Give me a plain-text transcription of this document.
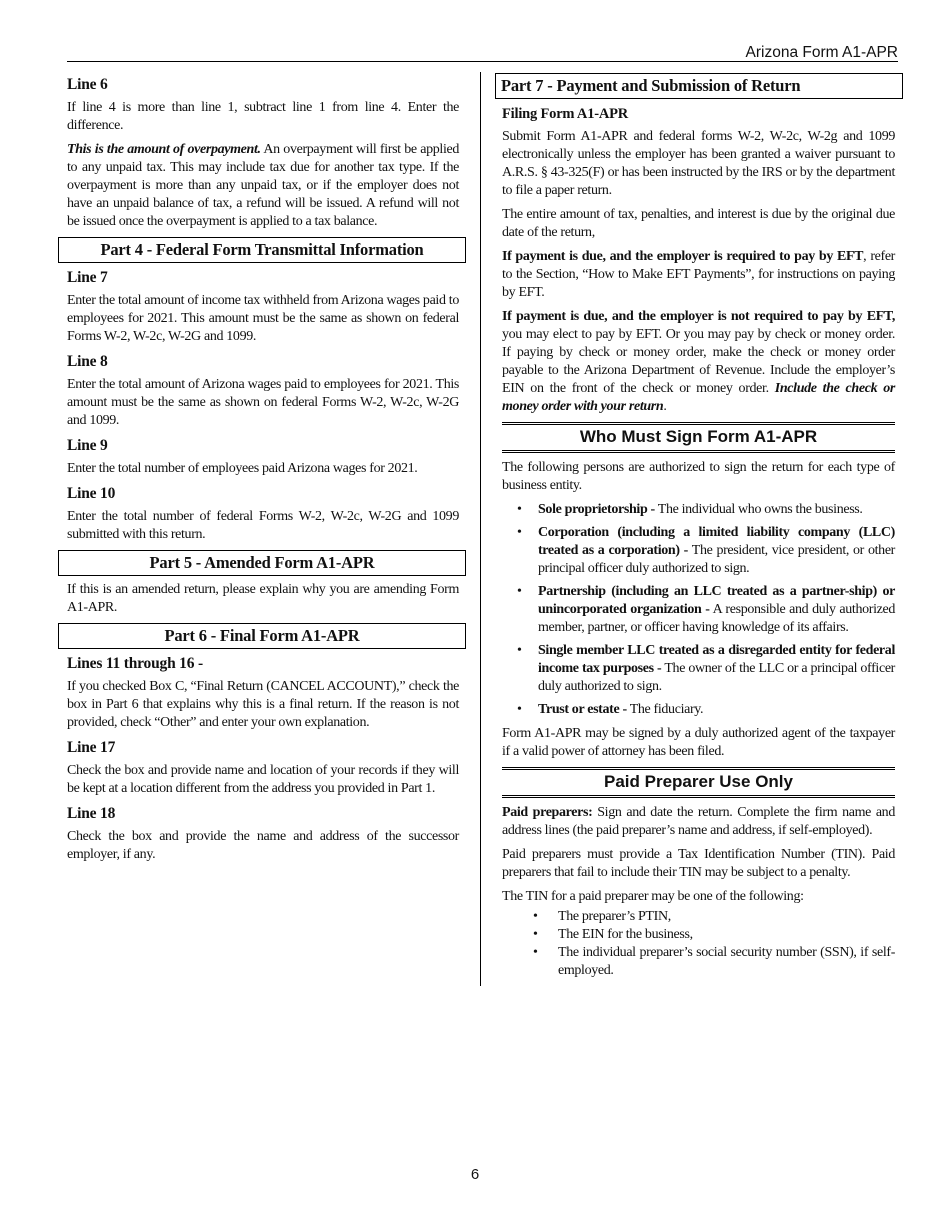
Arizona Form A1-APR
Line 6

If line 4 is more than line 1, subtract line 1 from line 4. Enter the difference.

This is the amount of overpayment. An overpayment will first be applied to any unpaid tax. This may include tax due for another tax type. If the overpayment is more than any unpaid tax, or if the employer does not have an unpaid balance of tax, a refund will be issued. A refund will not be issued once the overpayment is applied to a tax balance.

Part 4 - Federal Form Transmittal Information
Line 7

Enter the total amount of income tax withheld from Arizona wages paid to employees for 2021. This amount must be the same as shown on federal Forms W-2, W-2c, W-2G and 1099.

Line 8

Enter the total amount of Arizona wages paid to employees for 2021. This amount must be the same as shown on federal Forms W-2, W-2c, W-2G and 1099.

Line 9

Enter the total number of employees paid Arizona wages for 2021.

Line 10

Enter the total number of federal Forms W-2, W-2c, W-2G and 1099 submitted with this return.

Part 5 - Amended Form A1-APR

If this is an amended return, please explain why you are amending Form A1-APR.

Part 6 - Final Form A1-APR
Lines 11 through 16 -

If you checked Box C, “Final Return (CANCEL ACCOUNT),” check the box in Part 6 that explains why this is a final return. If the reason is not provided, check “Other” and enter your own explanation.

Line 17

Check the box and provide name and location of your records if they will be kept at a location different from the address you provided in Part 1.

Line 18

Check the box and provide the name and address of the successor employer, if any.

Part 7 - Payment and Submission of Return
Filing Form A1-APR

Submit Form A1-APR and federal forms W-2, W-2c, W-2g and 1099 electronically unless the employer has been granted a waiver pursuant to A.R.S. § 43-325(F) or has been instructed by the IRS or by the department to file a paper return.

The entire amount of tax, penalties, and interest is due by the original due date of the return,

If payment is due, and the employer is required to pay by EFT, refer to the Section, “How to Make EFT Payments”, for instructions on paying by EFT.

If payment is due, and the employer is not required to pay by EFT, you may elect to pay by EFT. Or you may pay by check or money order. If paying by check or money order, make the check or money order payable to the Arizona Department of Revenue. Include the employer’s EIN on the front of the check or money order. Include the check or money order with your return.

Who Must Sign Form A1-APR

The following persons are authorized to sign the return for each type of business entity.

• Sole proprietorship - The individual who owns the business.
• Corporation (including a limited liability company (LLC) treated as a corporation) - The president, vice president, or other principal officer duly authorized to sign.
• Partnership (including an LLC treated as a partner-ship) or unincorporated organization - A responsible and duly authorized member, partner, or officer having knowledge of its affairs.
• Single member LLC treated as a disregarded entity for federal income tax purposes - The owner of the LLC or a principal officer duly authorized to sign.
• Trust or estate - The fiduciary.

Form A1-APR may be signed by a duly authorized agent of the taxpayer if a valid power of attorney has been filed.

Paid Preparer Use Only

Paid preparers: Sign and date the return. Complete the firm name and address lines (the paid preparer’s name and address, if self-employed).

Paid preparers must provide a Tax Identification Number (TIN). Paid preparers that fail to include their TIN may be subject to a penalty.

The TIN for a paid preparer may be one of the following:

• The preparer’s PTIN,
• The EIN for the business,
• The individual preparer’s social security number (SSN), if self-employed.
6
